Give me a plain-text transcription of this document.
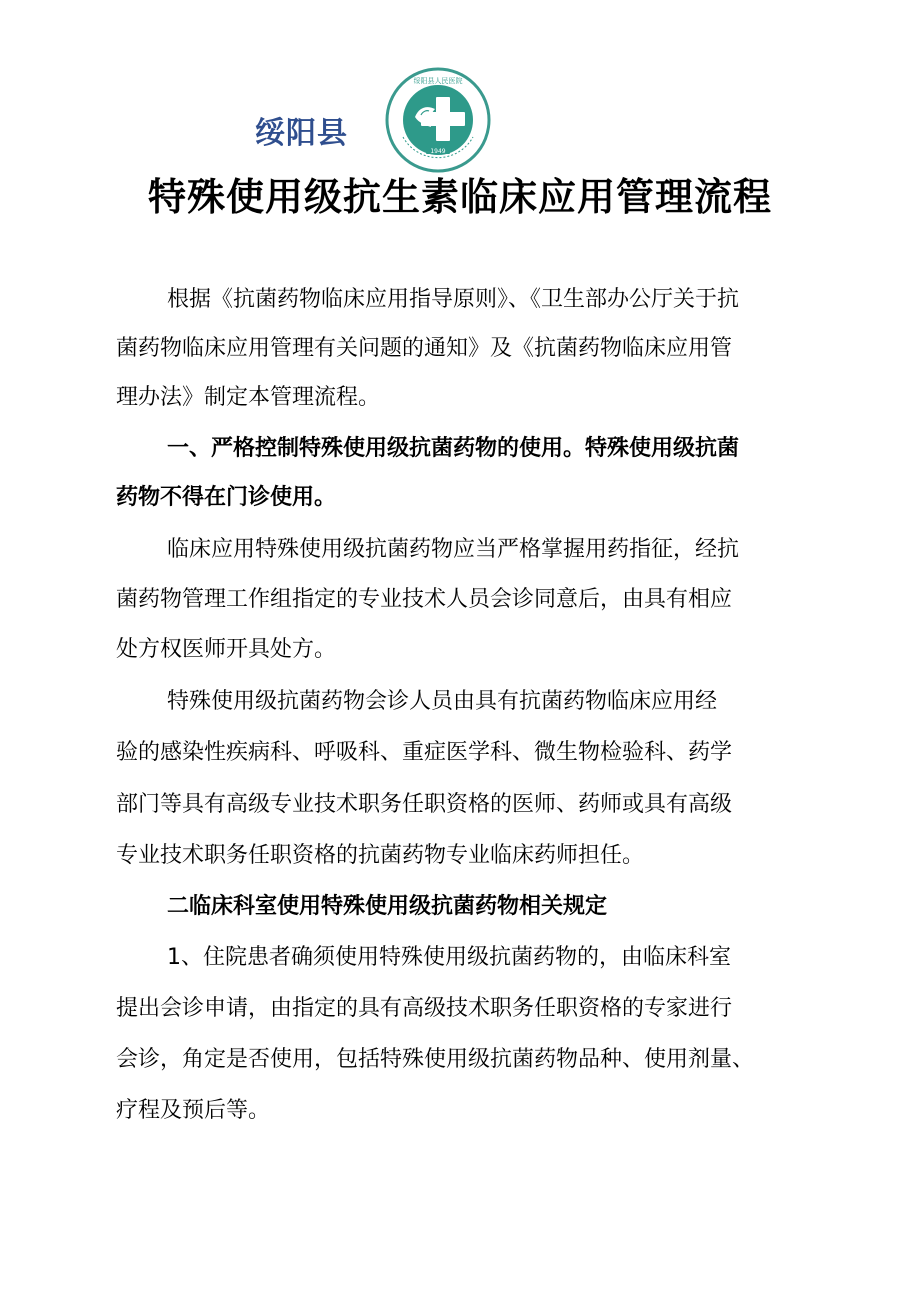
绥阳县
绥阳县人民医院
1949
特殊使用级抗生素临床应用管理流程
根据《抗菌药物临床应用指导原则》、《卫生部办公厅关于抗
菌药物临床应用管理有关问题的通知》及《抗菌药物临床应用管
理办法》制定本管理流程。
一、严格控制特殊使用级抗菌药物的使用。特殊使用级抗菌
药物不得在门诊使用。
临床应用特殊使用级抗菌药物应当严格掌握用药指征，经抗
菌药物管理工作组指定的专业技术人员会诊同意后，由具有相应
处方权医师开具处方。
特殊使用级抗菌药物会诊人员由具有抗菌药物临床应用经
验的感染性疾病科、呼吸科、重症医学科、微生物检验科、药学
部门等具有高级专业技术职务任职资格的医师、药师或具有高级
专业技术职务任职资格的抗菌药物专业临床药师担任。
二临床科室使用特殊使用级抗菌药物相关规定
1、住院患者确须使用特殊使用级抗菌药物的，由临床科室
提出会诊申请，由指定的具有高级技术职务任职资格的专家进行
会诊，角定是否使用，包括特殊使用级抗菌药物品种、使用剂量、
疗程及预后等。
